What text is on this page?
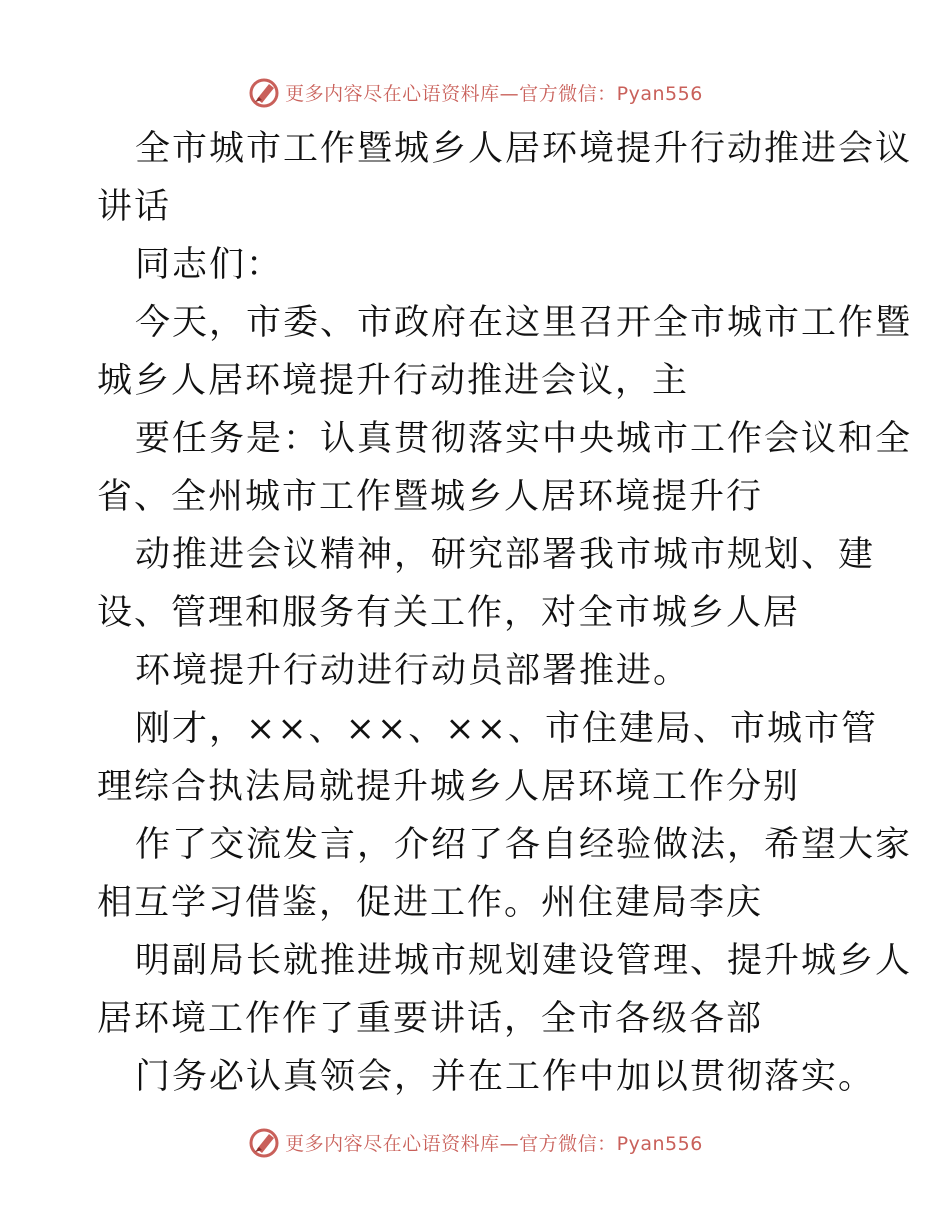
更多内容尽在心语资料库—官方微信：Pyan556
全市城市工作暨城乡人居环境提升行动推进会议
讲话
同志们：
今天，市委、市政府在这里召开全市城市工作暨
城乡人居环境提升行动推进会议，主
要任务是：认真贯彻落实中央城市工作会议和全
省、全州城市工作暨城乡人居环境提升行
动推进会议精神，研究部署我市城市规划、建
设、管理和服务有关工作，对全市城乡人居
环境提升行动进行动员部署推进。
刚才，××、××、××、市住建局、市城市管
理综合执法局就提升城乡人居环境工作分别
作了交流发言，介绍了各自经验做法，希望大家
相互学习借鉴，促进工作。州住建局李庆
明副局长就推进城市规划建设管理、提升城乡人
居环境工作作了重要讲话，全市各级各部
门务必认真领会，并在工作中加以贯彻落实。
更多内容尽在心语资料库—官方微信：Pyan556
